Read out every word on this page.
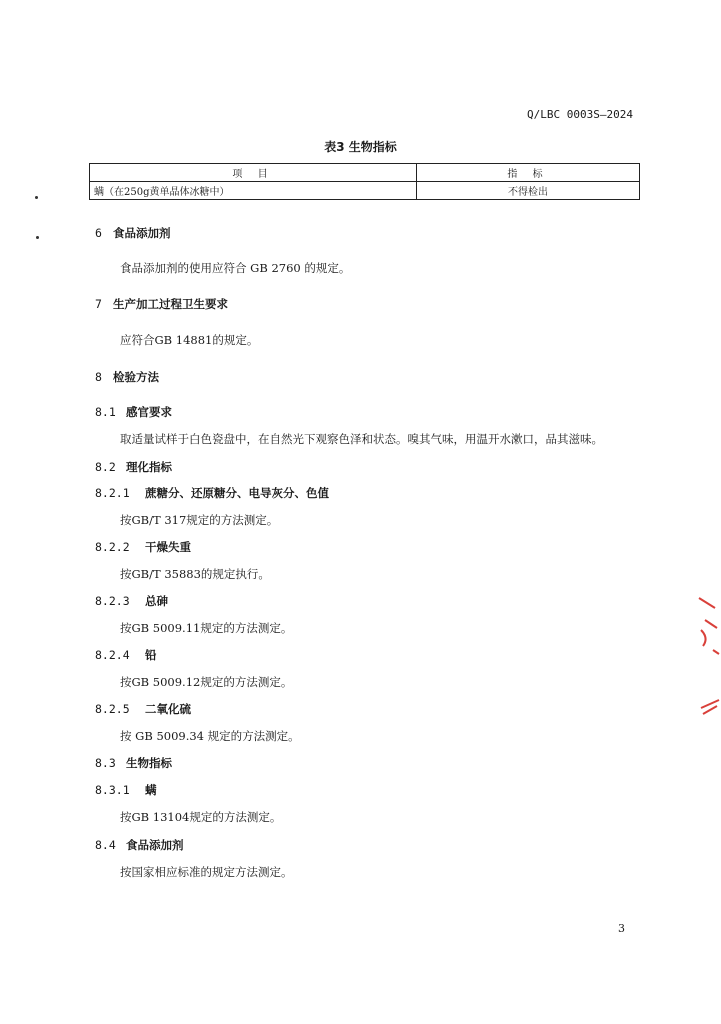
Q/LBC 0003S—2024
表3 生物指标
项 目	指 标
螨（在250g黄单晶体冰糖中）	不得检出
6 食品添加剂
食品添加剂的使用应符合 GB 2760 的规定。
7 生产加工过程卫生要求
应符合GB 14881的规定。
8 检验方法
8.1 感官要求
取适量试样于白色瓷盘中，在自然光下观察色泽和状态。嗅其气味，用温开水漱口，品其滋味。
8.2 理化指标
8.2.1 蔗糖分、还原糖分、电导灰分、色值
按GB/T 317规定的方法测定。
8.2.2 干燥失重
按GB/T 35883的规定执行。
8.2.3 总砷
按GB 5009.11规定的方法测定。
8.2.4 铅
按GB 5009.12规定的方法测定。
8.2.5 二氧化硫
按 GB 5009.34 规定的方法测定。
8.3 生物指标
8.3.1 螨
按GB 13104规定的方法测定。
8.4 食品添加剂
按国家相应标准的规定方法测定。
3
